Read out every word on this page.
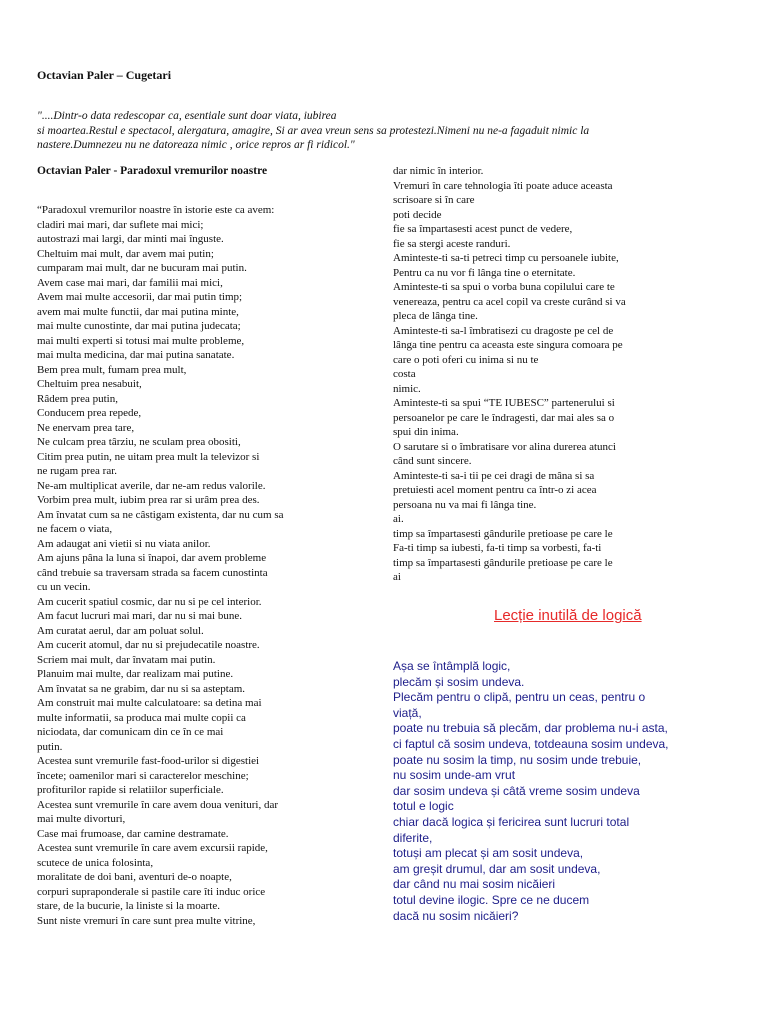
Octavian Paler – Cugetari
"....Dintr-o data redescopar ca, esentiale sunt doar viata, iubirea
si moartea.Restul e spectacol, alergatura, amagire, Si ar avea vreun sens sa protestezi.Nimeni nu ne-a fagaduit nimic la
nastere.Dumnezeu nu ne datoreaza nimic , orice repros ar fi ridicol."
Octavian Paler - Paradoxul vremurilor noastre
“Paradoxul vremurilor noastre în istorie este ca avem:
cladiri mai mari, dar suflete mai mici;
autostrazi mai largi, dar minti mai înguste.
Cheltuim mai mult, dar avem mai putin;
cumparam mai mult, dar ne bucuram mai putin.
Avem case mai mari, dar familii mai mici,
Avem mai multe accesorii, dar mai putin timp;
avem mai multe functii, dar mai putina minte,
mai multe cunostinte, dar mai putina judecata;
mai multi experti si totusi mai multe probleme,
mai multa medicina, dar mai putina sanatate.
Bem prea mult, fumam prea mult,
Cheltuim prea nesabuit,
Râdem prea putin,
Conducem prea repede,
Ne enervam prea tare,
Ne culcam prea târziu, ne sculam prea obositi,
Citim prea putin, ne uitam prea mult la televizor si
ne rugam prea rar.
Ne-am multiplicat averile, dar ne-am redus valorile.
Vorbim prea mult, iubim prea rar si urâm prea des.
Am învatat cum sa ne câstigam existenta, dar nu cum sa
ne facem o viata,
Am adaugat ani vietii si nu viata anilor.
Am ajuns pâna la luna si înapoi, dar avem probleme
când trebuie sa traversam strada sa facem cunostinta
cu un vecin.
Am cucerit spatiul cosmic, dar nu si pe cel interior.
Am facut lucruri mai mari, dar nu si mai bune.
Am curatat aerul, dar am poluat solul.
Am cucerit atomul, dar nu si prejudecatile noastre.
Scriem mai mult, dar învatam mai putin.
Planuim mai multe, dar realizam mai putine.
Am învatat sa ne grabim, dar nu si sa asteptam.
Am construit mai multe calculatoare: sa detina mai
multe informatii, sa produca mai multe copii ca
niciodata, dar comunicam din ce în ce mai
putin.
Acestea sunt vremurile fast-food-urilor si digestiei
încete; oamenilor mari si caracterelor meschine;
profiturilor rapide si relatiilor superficiale.
Acestea sunt vremurile în care avem doua venituri, dar
mai multe divorturi,
Case mai frumoase, dar camine destramate.
Acestea sunt vremurile în care avem excursii rapide,
scutece de unica folosinta,
moralitate de doi bani, aventuri de-o noapte,
corpuri supraponderale si pastile care îti induc orice
stare, de la bucurie, la liniste si la moarte.
Sunt niste vremuri în care sunt prea multe vitrine,
dar nimic în interior.
Vremuri în care tehnologia îti poate aduce aceasta
scrisoare si în care
poti decide
fie sa împartasesti acest punct de vedere,
fie sa stergi aceste randuri.
Aminteste-ti sa-ti petreci timp cu persoanele iubite,
Pentru ca nu vor fi lânga tine o eternitate.
Aminteste-ti sa spui o vorba buna copilului care te
venereaza, pentru ca acel copil va creste curând si va
pleca de lânga tine.
Aminteste-ti sa-l îmbratisezi cu dragoste pe cel de
lânga tine pentru ca aceasta este singura comoara pe
care o poti oferi cu inima si nu te
costa
nimic.
Aminteste-ti sa spui “TE IUBESC” partenerului si
persoanelor pe care le îndragesti, dar mai ales sa o
spui din inima.
O sarutare si o îmbratisare vor alina durerea atunci
când sunt sincere.
Aminteste-ti sa-i tii pe cei dragi de mâna si sa
pretuiesti acel moment pentru ca într-o zi acea
persoana nu va mai fi lânga tine.
ai.
timp sa împartasesti gândurile pretioase pe care le
Fa-ti timp sa iubesti, fa-ti timp sa vorbesti, fa-ti
timp sa împartasesti gândurile pretioase pe care le
ai
Lecție inutilă de logică
Așa se întâmplă logic,
plecăm și sosim undeva.
Plecăm pentru o clipă, pentru un ceas, pentru o
viață,
poate nu trebuia să plecăm, dar problema nu-i asta,
ci faptul că sosim undeva, totdeauna sosim undeva,
poate nu sosim la timp, nu sosim unde trebuie,
nu sosim unde-am vrut
dar sosim undeva și câtă vreme sosim undeva
totul e logic
chiar dacă logica și fericirea sunt lucruri total
diferite,
totuși am plecat și am sosit undeva,
am greșit drumul, dar am sosit undeva,
dar când nu mai sosim nicăieri
totul devine ilogic. Spre ce ne ducem
dacă nu sosim nicăieri?
